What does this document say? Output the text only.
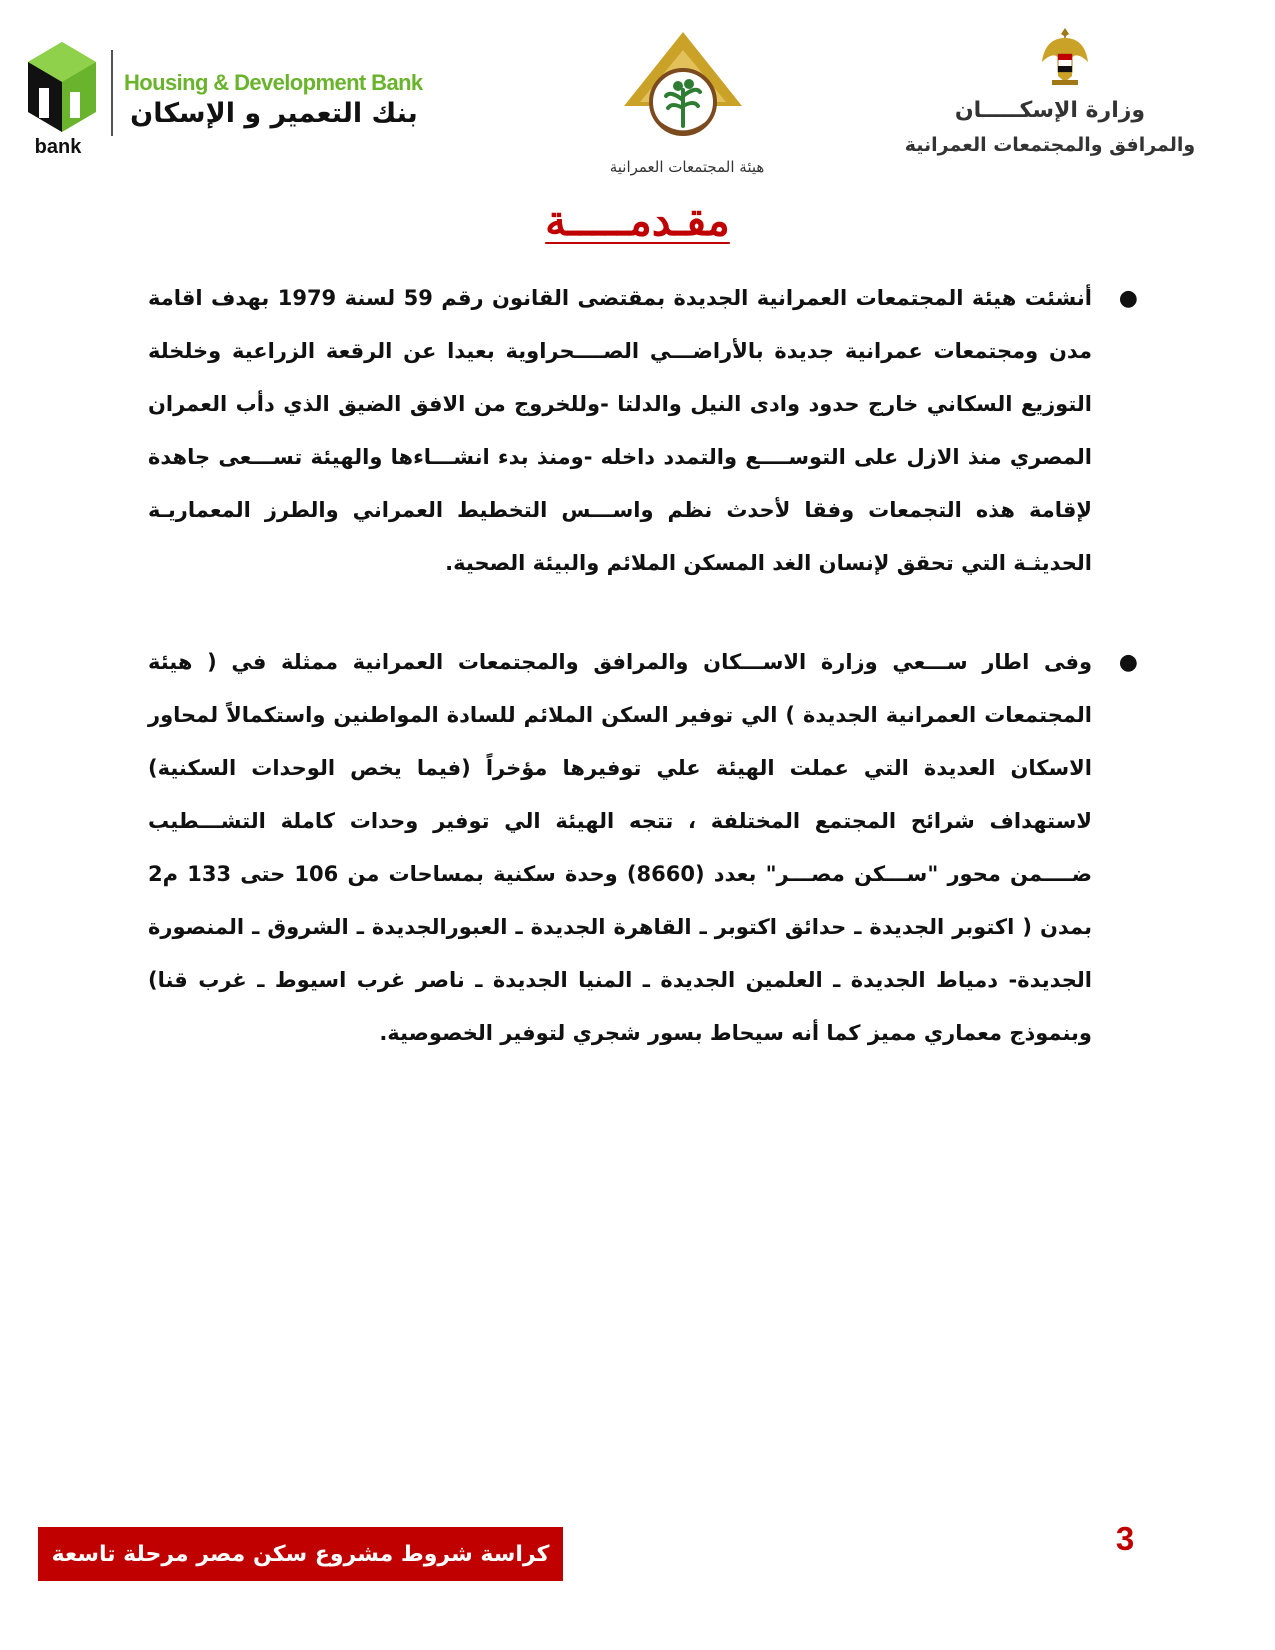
bank
Housing & Development Bank
بنك التعمير و الإسكان
هيئة المجتمعات العمرانية
وزارة الإسكـــــان
والمرافق والمجتمعات العمرانية
مقـدمـــــة
●
أنشئت هيئة المجتمعات العمرانية الجديدة بمقتضى القانون رقم 59 لسنة 1979 بهدف اقامة مدن ومجتمعات عمرانية جديدة بالأراضـــي الصــــحراوية بعيدا عن الرقعة الزراعية وخلخلة التوزيع السكاني خارج حدود وادى النيل والدلتا -وللخروج من الافق الضيق الذي دأب العمران المصري منذ الازل على التوســــع والتمدد داخله -ومنذ بدء انشـــاءها والهيئة تســـعى جاهدة لإقامة هذه التجمعات وفقا لأحدث نظم واســـس التخطيط العمراني والطرز المعماريـة الحديثـة التي تحقق لإنسان الغد المسكن الملائم والبيئة الصحية.
●
وفى اطار ســـعي وزارة الاســـكان والمرافق والمجتمعات العمرانية ممثلة في ( هيئة المجتمعات العمرانية الجديدة ) الي توفير السكن الملائم للسادة المواطنين واستكمالاً لمحاور الاسكان العديدة التي عملت الهيئة علي توفيرها مؤخراً (فيما يخص الوحدات السكنية) لاستهداف شرائح المجتمع المختلفة ، تتجه الهيئة الي توفير وحدات كاملة التشـــطيب ضــــمن محور "ســـكن مصـــر" بعدد (8660) وحدة سكنية بمساحات من 106 حتى 133 م2 بمدن ( اكتوبر الجديدة ـ حدائق اكتوبر ـ القاهرة الجديدة ـ العبورالجديدة ـ الشروق ـ المنصورة الجديدة- دمياط الجديدة ـ العلمين الجديدة ـ المنيا الجديدة ـ ناصر غرب اسيوط ـ غرب قنا) وبنموذج معماري مميز كما أنه سيحاط بسور شجري لتوفير الخصوصية.
كراسة شروط مشروع سكن مصر مرحلة تاسعة	3
